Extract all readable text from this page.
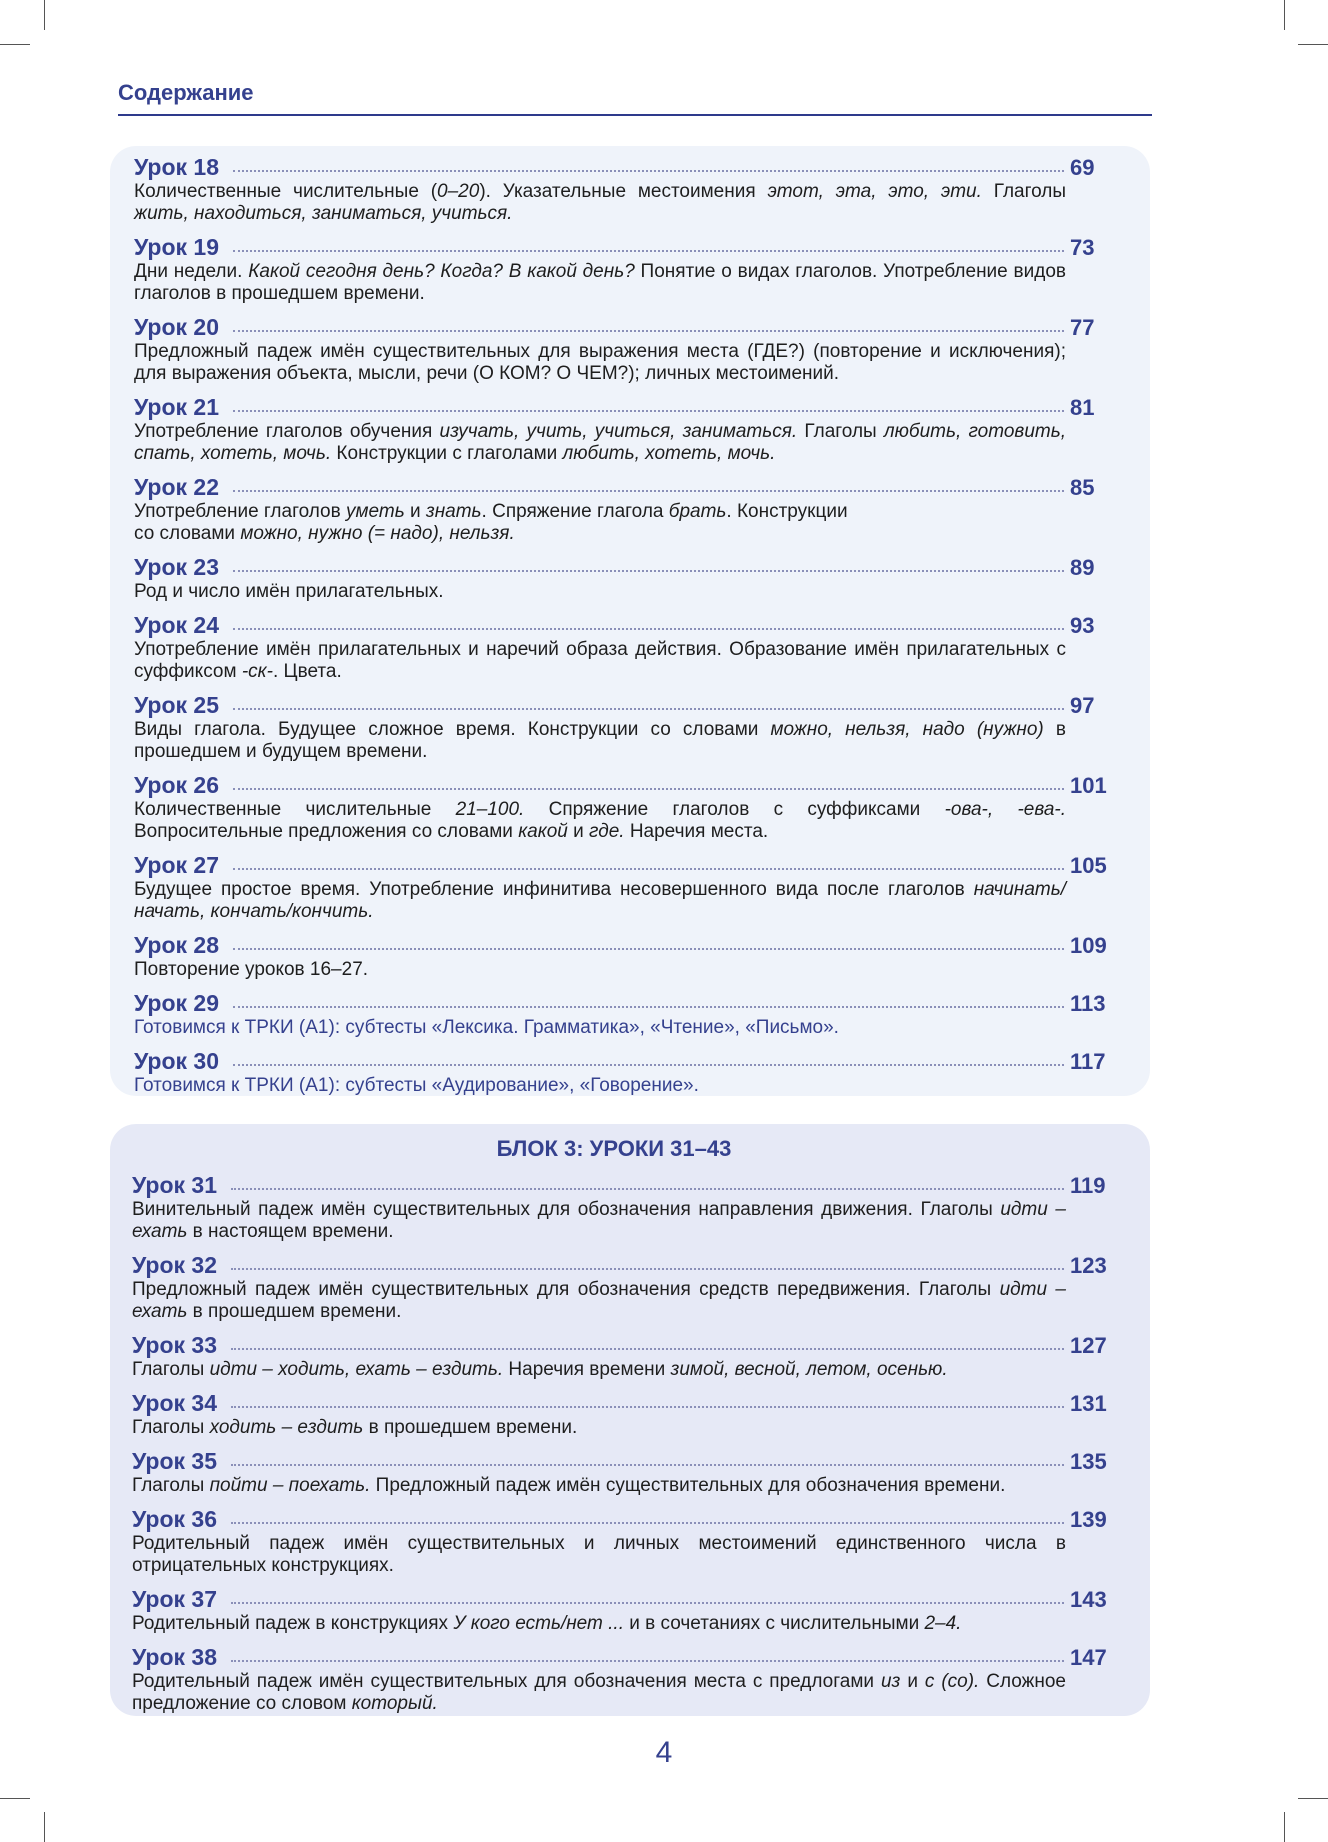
Содержание
Урок 18	69
Количественные числительные (0–20). Указательные местоимения этот, эта, это, эти. Глаголы жить, находиться, заниматься, учиться.
Урок 19	73
Дни недели. Какой сегодня день? Когда? В какой день? Понятие о видах глаголов. Употребление видов глаголов в прошедшем времени.
Урок 20	77
Предложный падеж имён существительных для выражения места (ГДЕ?) (повторение и исключения); для выражения объекта, мысли, речи (О КОМ? О ЧЕМ?); личных местоимений.
Урок 21	81
Употребление глаголов обучения изучать, учить, учиться, заниматься. Глаголы любить, готовить, спать, хотеть, мочь. Конструкции с глаголами любить, хотеть, мочь.
Урок 22	85
Употребление глаголов уметь и знать. Спряжение глагола брать. Конструкции
со словами можно, нужно (= надо), нельзя.
Урок 23	89
Род и число имён прилагательных.
Урок 24	93
Употребление имён прилагательных и наречий образа действия. Образование имён прилагательных с суффиксом -ск-. Цвета.
Урок 25	97
Виды глагола. Будущее сложное время. Конструкции со словами можно, нельзя, надо (нужно) в прошедшем и будущем времени.
Урок 26	101
Количественные числительные 21–100. Спряжение глаголов с суффиксами -ова-, -ева-. Вопросительные предложения со словами какой и где. Наречия места.
Урок 27	105
Будущее простое время. Употребление инфинитива несовершенного вида после глаголов начинать/начать, кончать/кончить.
Урок 28	109
Повторение уроков 16–27.
Урок 29	113
Готовимся к ТРКИ (А1): субтесты «Лексика. Грамматика», «Чтение», «Письмо».
Урок 30	117
Готовимся к ТРКИ (А1): субтесты «Аудирование», «Говорение».
БЛОК 3: УРОКИ 31–43
Урок 31	119
Винительный падеж имён существительных для обозначения направления движения. Глаголы идти – ехать в настоящем времени.
Урок 32	123
Предложный падеж имён существительных для обозначения средств передвижения. Глаголы идти – ехать в прошедшем времени.
Урок 33	127
Глаголы идти – ходить, ехать – ездить. Наречия времени зимой, весной, летом, осенью.
Урок 34	131
Глаголы ходить – ездить в прошедшем времени.
Урок 35	135
Глаголы пойти – поехать. Предложный падеж имён существительных для обозначения времени.
Урок 36	139
Родительный падеж имён существительных и личных местоимений единственного числа в отрицательных конструкциях.
Урок 37	143
Родительный падеж в конструкциях У кого есть/нет ... и в сочетаниях с числительными 2–4.
Урок 38	147
Родительный падеж имён существительных для обозначения места с предлогами из и с (со). Сложное предложение со словом который.
4
